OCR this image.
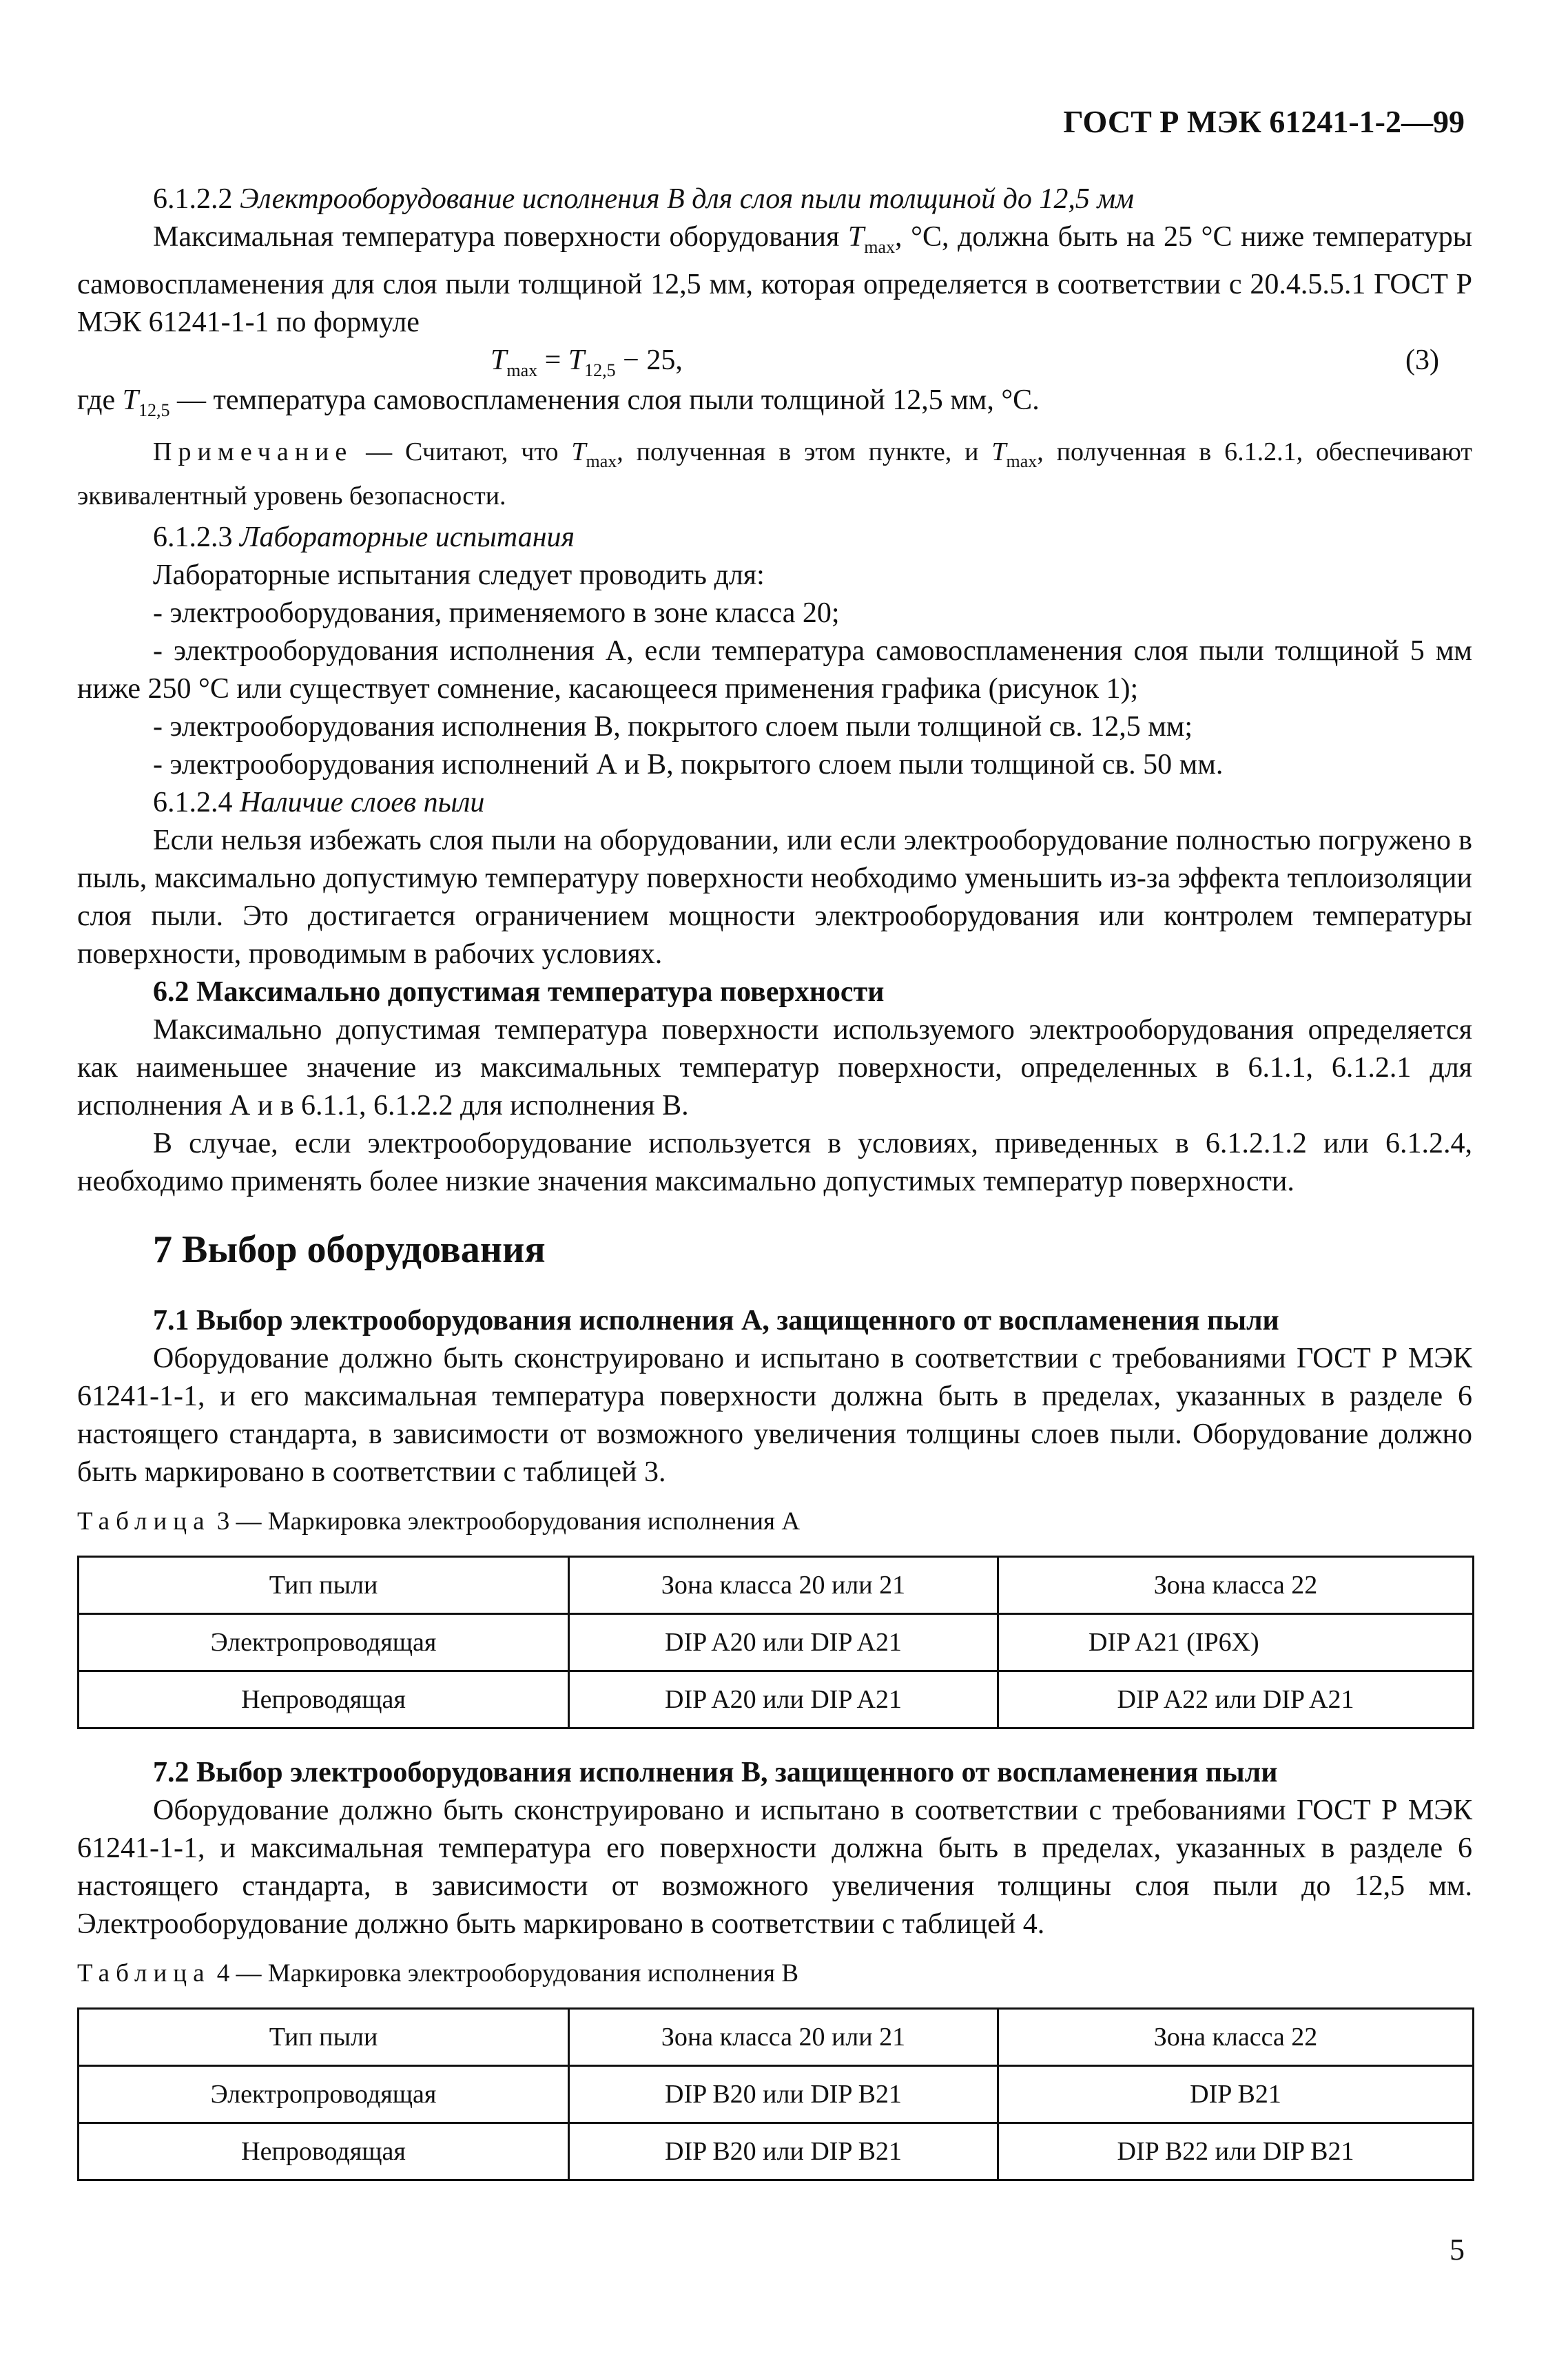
ГОСТ Р МЭК 61241-1-2—99

6.1.2.2 Электрооборудование исполнения В для слоя пыли толщиной до 12,5 мм

Максимальная температура поверхности оборудования $T_{max}$, °С, должна быть на 25 °С ниже температуры самовоспламенения для слоя пыли толщиной 12,5 мм, которая определяется в соответствии с 20.4.5.5.1 ГОСТ Р МЭК 61241-1-1 по формуле

$T_{max} = T_{12,5} - 25$,	(3)

где $T_{12,5}$ — температура самовоспламенения слоя пыли толщиной 12,5 мм, °С.

Примечание — Считают, что $T_{max}$, полученная в этом пункте, и $T_{max}$, полученная в 6.1.2.1, обеспечивают эквивалентный уровень безопасности.

6.1.2.3 Лабораторные испытания

Лабораторные испытания следует проводить для:

- электрооборудования, применяемого в зоне класса 20;

- электрооборудования исполнения А, если температура самовоспламенения слоя пыли толщиной 5 мм ниже 250 °С или существует сомнение, касающееся применения графика (рисунок 1);

- электрооборудования исполнения В, покрытого слоем пыли толщиной св. 12,5 мм;

- электрооборудования исполнений А и В, покрытого слоем пыли толщиной св. 50 мм.

6.1.2.4 Наличие слоев пыли

Если нельзя избежать слоя пыли на оборудовании, или если электрооборудование полностью погружено в пыль, максимально допустимую температуру поверхности необходимо уменьшить из-за эффекта теплоизоляции слоя пыли. Это достигается ограничением мощности электрооборудования или контролем температуры поверхности, проводимым в рабочих условиях.

6.2 Максимально допустимая температура поверхности

Максимально допустимая температура поверхности используемого электрооборудования определяется как наименьшее значение из максимальных температур поверхности, определенных в 6.1.1, 6.1.2.1 для исполнения А и в 6.1.1, 6.1.2.2 для исполнения В.

В случае, если электрооборудование используется в условиях, приведенных в 6.1.2.1.2 или 6.1.2.4, необходимо применять более низкие значения максимально допустимых температур поверхности.

7 Выбор оборудования

7.1 Выбор электрооборудования исполнения А, защищенного от воспламенения пыли

Оборудование должно быть сконструировано и испытано в соответствии с требованиями ГОСТ Р МЭК 61241-1-1, и его максимальная температура поверхности должна быть в пределах, указанных в разделе 6 настоящего стандарта, в зависимости от возможного увеличения толщины слоев пыли. Оборудование должно быть маркировано в соответствии с таблицей 3.

Таблица 3 — Маркировка электрооборудования исполнения А
Тип пыли	Зона класса 20 или 21	Зона класса 22
Электропроводящая	DIP A20 или DIP A21	DIP A21 (IP6X)
Непроводящая	DIP A20 или DIP A21	DIP A22 или DIP A21

7.2 Выбор электрооборудования исполнения В, защищенного от воспламенения пыли

Оборудование должно быть сконструировано и испытано в соответствии с требованиями ГОСТ Р МЭК 61241-1-1, и максимальная температура его поверхности должна быть в пределах, указанных в разделе 6 настоящего стандарта, в зависимости от возможного увеличения толщины слоя пыли до 12,5 мм. Электрооборудование должно быть маркировано в соответствии с таблицей 4.

Таблица 4 — Маркировка электрооборудования исполнения В
Тип пыли	Зона класса 20 или 21	Зона класса 22
Электропроводящая	DIP B20 или DIP B21	DIP B21
Непроводящая	DIP B20 или DIP B21	DIP B22 или DIP B21
5
